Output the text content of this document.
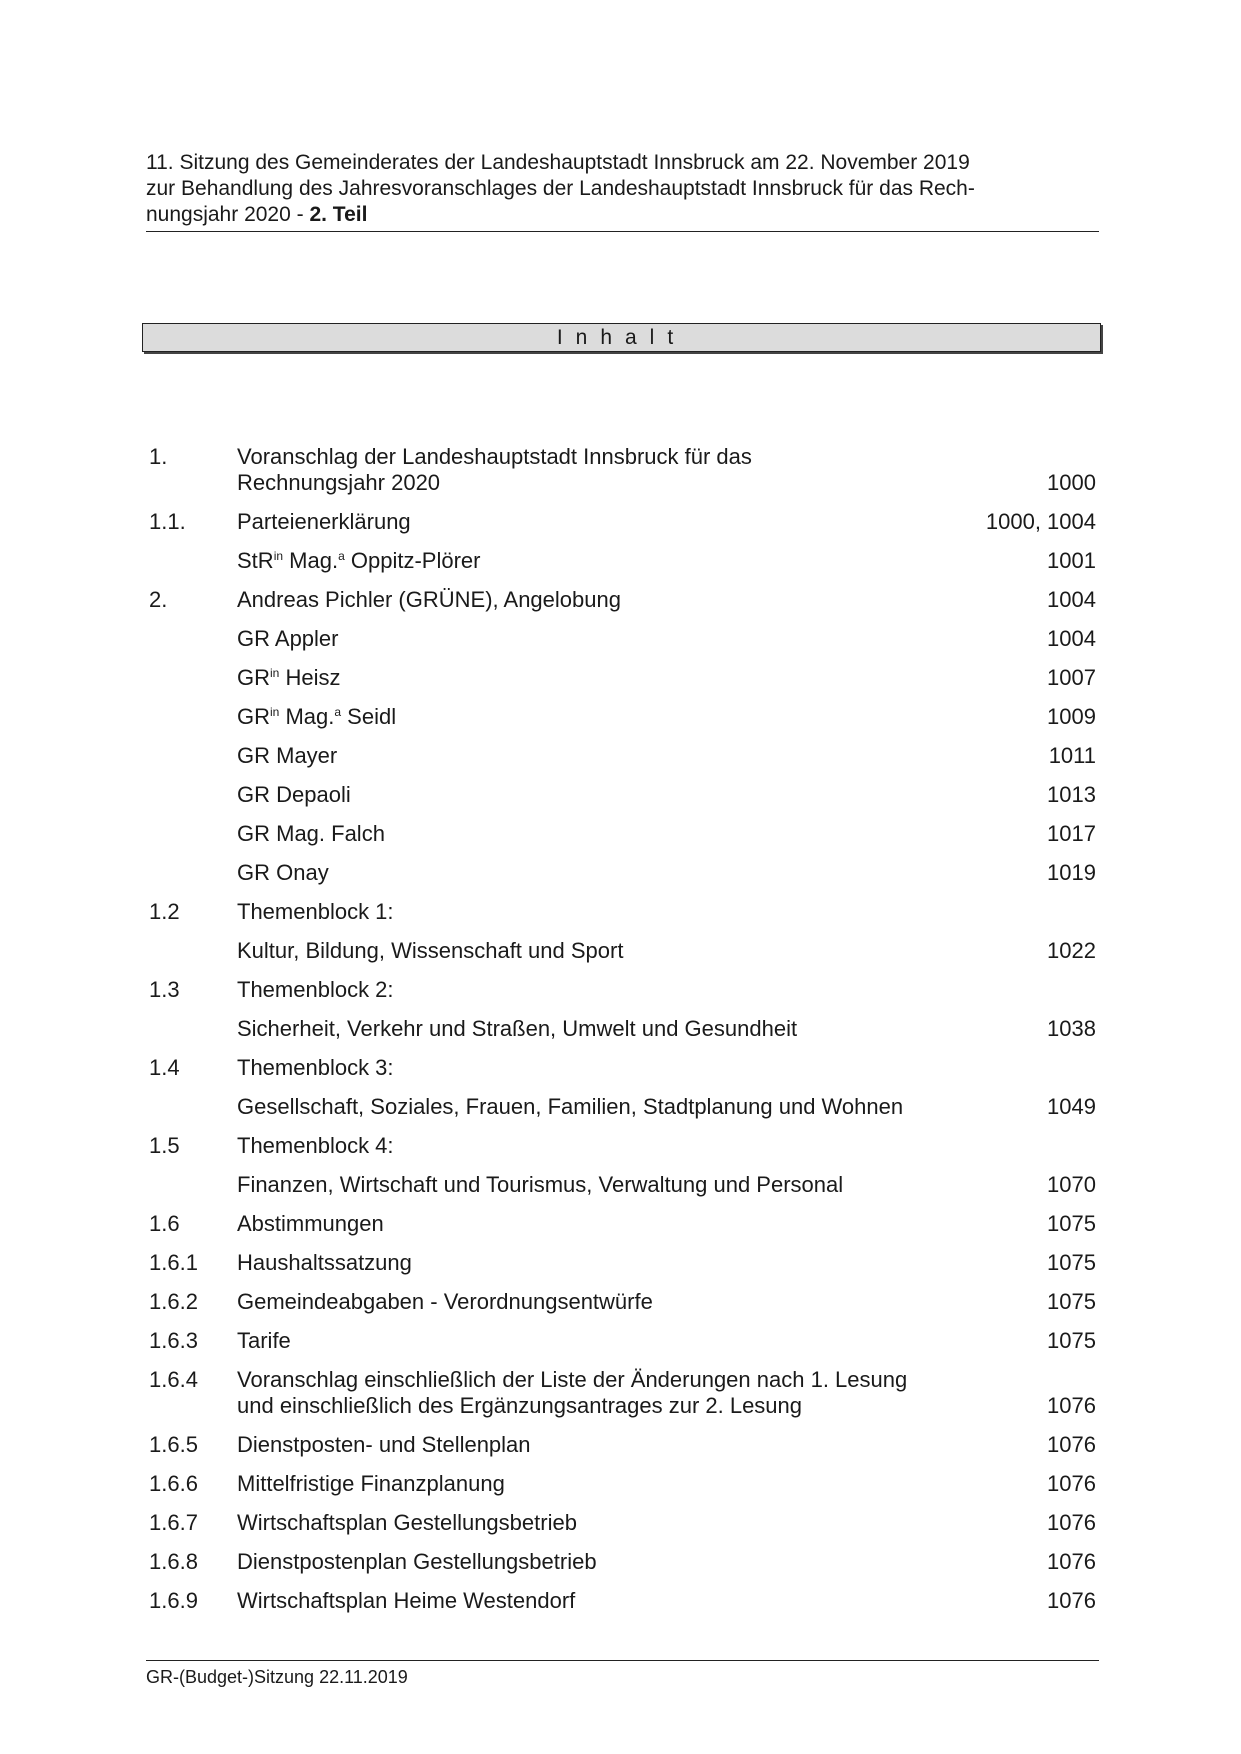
11. Sitzung des Gemeinderates der Landeshauptstadt Innsbruck am 22. November 2019
zur Behandlung des Jahresvoranschlages der Landeshauptstadt Innsbruck für das Rech-
nungsjahr 2020 - 2. Teil
Inhalt
1.	Voranschlag der Landeshauptstadt Innsbruck für das
Rechnungsjahr 2020	1000
1.1. Parteienerklärung	1000, 1004
StR$^{in}$ Mag.$^a$ Oppitz-Plörer	1001
2.	Andreas Pichler (GRÜNE), Angelobung	1004
GR Appler	1004
$GR^{in}$ Heisz	1007
$GR^{in}$ Mag.$^a$ Seidl	1009
GR Mayer	1011
GR Depaoli	1013
GR Mag. Falch	1017
GR Onay	1019
1.2	Themenblock 1:
Kultur, Bildung, Wissenschaft und Sport	1022
1.3	Themenblock 2:
Sicherheit, Verkehr und Straßen, Umwelt und Gesundheit	1038
1.4	Themenblock 3:
Gesellschaft, Soziales, Frauen, Familien, Stadtplanung und Wohnen	1049
1.5	Themenblock 4:
Finanzen, Wirtschaft und Tourismus, Verwaltung und Personal	1070
1.6	Abstimmungen	1075
1.6.1 Haushaltssatzung	1075
1.6.2 Gemeindeabgaben - Verordnungsentwürfe	1075
1.6.3 Tarife	1075
1.6.4 Voranschlag einschließlich der Liste der Änderungen nach 1. Lesung
und einschließlich des Ergänzungsantrages zur 2. Lesung	1076
1.6.5 Dienstposten- und Stellenplan	1076
1.6.6 Mittelfristige Finanzplanung	1076
1.6.7 Wirtschaftsplan Gestellungsbetrieb	1076
1.6.8 Dienstpostenplan Gestellungsbetrieb	1076
1.6.9 Wirtschaftsplan Heime Westendorf	1076
GR-(Budget-)Sitzung 22.11.2019
